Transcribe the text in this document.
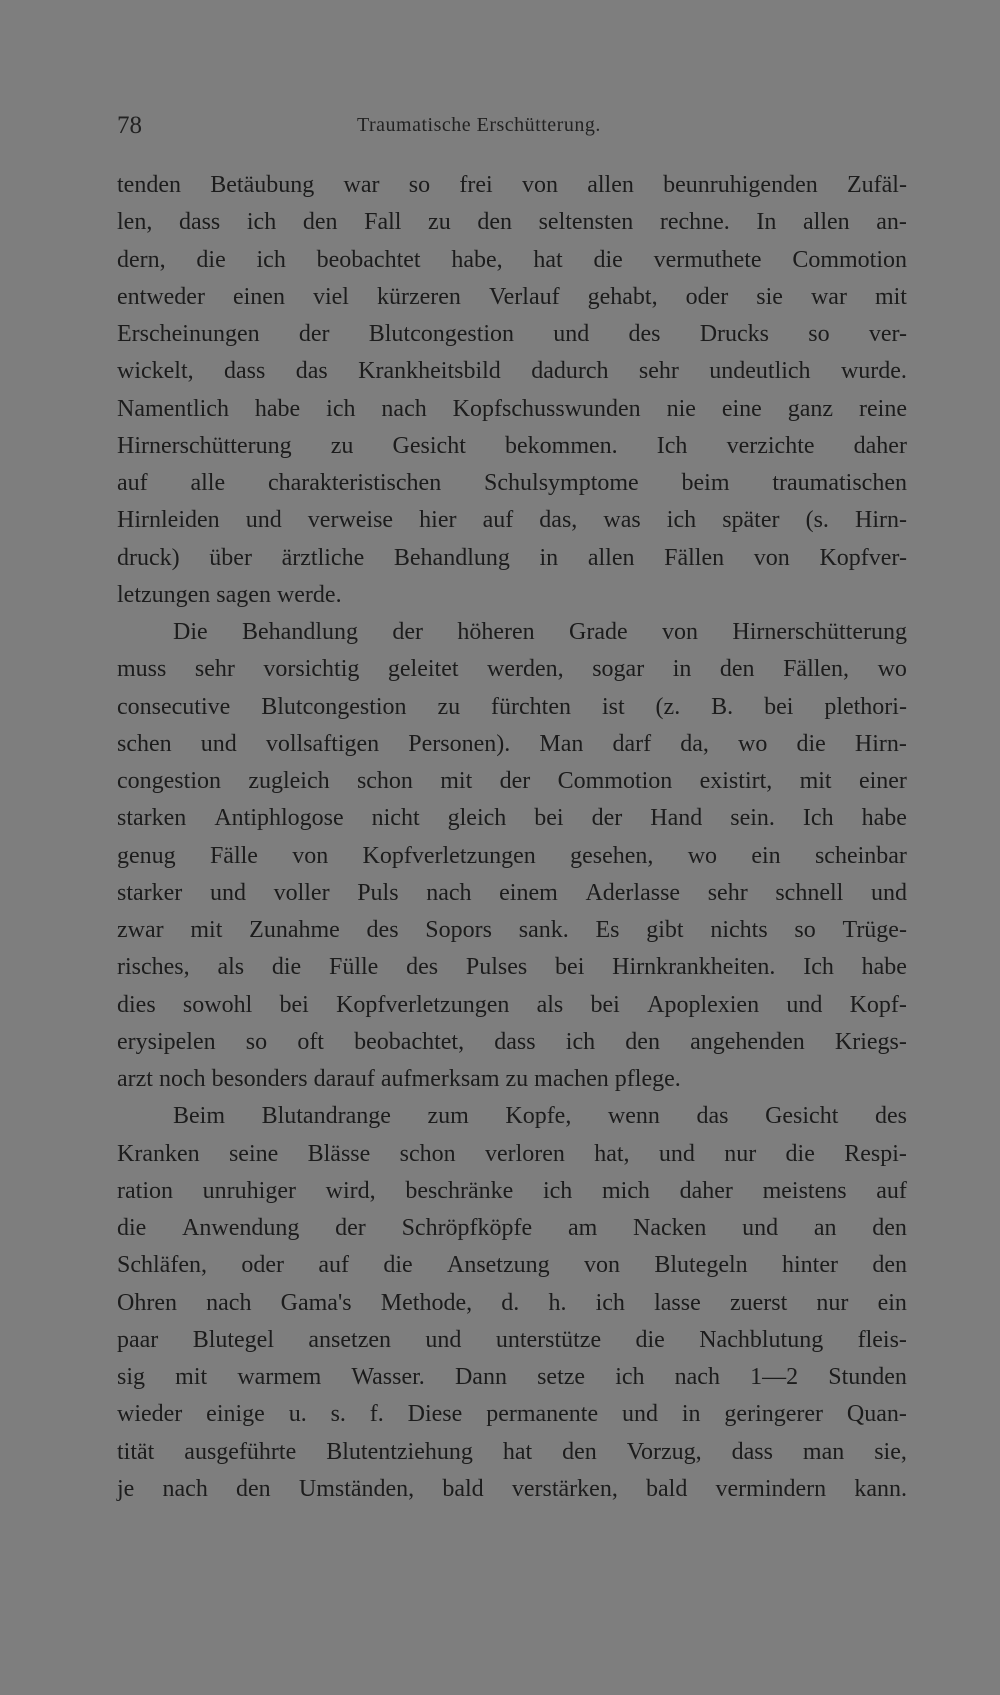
78	Traumatische Erschütterung.
tenden Betäubung war so frei von allen beunruhigenden Zufäl-
len, dass ich den Fall zu den seltensten rechne. In allen an-
dern, die ich beobachtet habe, hat die vermuthete Commotion
entweder einen viel kürzeren Verlauf gehabt, oder sie war mit
Erscheinungen der Blutcongestion und des Drucks so ver-
wickelt, dass das Krankheitsbild dadurch sehr undeutlich wurde.
Namentlich habe ich nach Kopfschusswunden nie eine ganz reine
Hirnerschütterung zu Gesicht bekommen. Ich verzichte daher
auf alle charakteristischen Schulsymptome beim traumatischen
Hirnleiden und verweise hier auf das, was ich später (s. Hirn-
druck) über ärztliche Behandlung in allen Fällen von Kopfver-
letzungen sagen werde.
Die Behandlung der höheren Grade von Hirnerschütterung
muss sehr vorsichtig geleitet werden, sogar in den Fällen, wo
consecutive Blutcongestion zu fürchten ist (z. B. bei plethori-
schen und vollsaftigen Personen). Man darf da, wo die Hirn-
congestion zugleich schon mit der Commotion existirt, mit einer
starken Antiphlogose nicht gleich bei der Hand sein. Ich habe
genug Fälle von Kopfverletzungen gesehen, wo ein scheinbar
starker und voller Puls nach einem Aderlasse sehr schnell und
zwar mit Zunahme des Sopors sank. Es gibt nichts so Trüge-
risches, als die Fülle des Pulses bei Hirnkrankheiten. Ich habe
dies sowohl bei Kopfverletzungen als bei Apoplexien und Kopf-
erysipelen so oft beobachtet, dass ich den angehenden Kriegs-
arzt noch besonders darauf aufmerksam zu machen pflege.
Beim Blutandrange zum Kopfe, wenn das Gesicht des
Kranken seine Blässe schon verloren hat, und nur die Respi-
ration unruhiger wird, beschränke ich mich daher meistens auf
die Anwendung der Schröpfköpfe am Nacken und an den
Schläfen, oder auf die Ansetzung von Blutegeln hinter den
Ohren nach Gama's Methode, d. h. ich lasse zuerst nur ein
paar Blutegel ansetzen und unterstütze die Nachblutung fleis-
sig mit warmem Wasser. Dann setze ich nach 1—2 Stunden
wieder einige u. s. f. Diese permanente und in geringerer Quan-
tität ausgeführte Blutentziehung hat den Vorzug, dass man sie,
je nach den Umständen, bald verstärken, bald vermindern kann.
